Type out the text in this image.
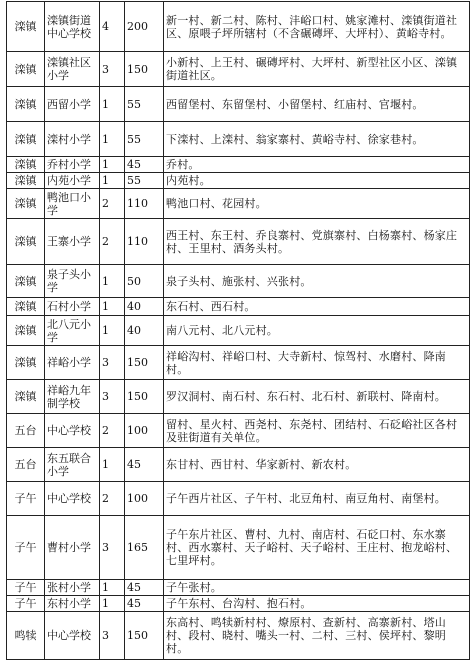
滦镇	滦镇街道中心学校	4	200	新一村、新二村、陈村、沣峪口村、姚家滩村、滦镇街道社区、原喂子坪所辖村（不含碾磚坪、大坪村）、黄峪寺村。
滦镇	滦镇社区小学	3	150	小新村、上王村、碾磚坪村、大坪村、新型社区小区、滦镇街道社区。
滦镇	西留小学	1	55	西留堡村、东留堡村、小留堡村、红庙村、官堰村。
滦镇	滦村小学	1	55	下滦村、上滦村、翁家寨村、黄峪寺村、徐家巷村。
滦镇	乔村小学	1	45	乔村。
滦镇	内苑小学	1	55	内苑村。
滦镇	鸭池口小学	2	110	鸭池口村、花园村。
滦镇	王寨小学	2	110	西王村、东王村、乔良寨村、党旗寨村、白杨寨村、杨家庄村、王里村、酒务头村。
滦镇	泉子头小学	1	50	泉子头村、施张村、兴张村。
滦镇	石村小学	1	40	东石村、西石村。
滦镇	北八元小学	1	40	南八元村、北八元村。
滦镇	祥峪小学	3	150	祥峪沟村、祥峪口村、大寺新村、惊驾村、水磨村、降南村。
滦镇	祥峪九年制学校	3	150	罗汉洞村、南石村、东石村、北石村、新联村、降南村。
五台	中心学校	2	100	留村、星火村、西尧村、东尧村、团结村、石砭峪社区各村及驻街道有关单位。
五台	东五联合小学	1	45	东甘村、西甘村、华家新村、新农村。
子午	中心学校	2	100	子午西片社区、子午村、北豆角村、南豆角村、南堡村。
子午	曹村小学	3	165	子午东片社区、曹村、九村、南店村、石砭口村、东水寨村、西水寨村、天子峪村、天子峪村、王庄村、抱龙峪村、七里坪村。
子午	张村小学	1	45	子午张村。
子午	东村小学	1	45	子午东村、台沟村、抱石村。
鸣犊	中心学校	3	150	东高村、鸣犊新村村、燎原村、查新村、高寨新村、塔山村、段村、晓村、嘴头一村、二村、三村、侯坪村、黎明村。
